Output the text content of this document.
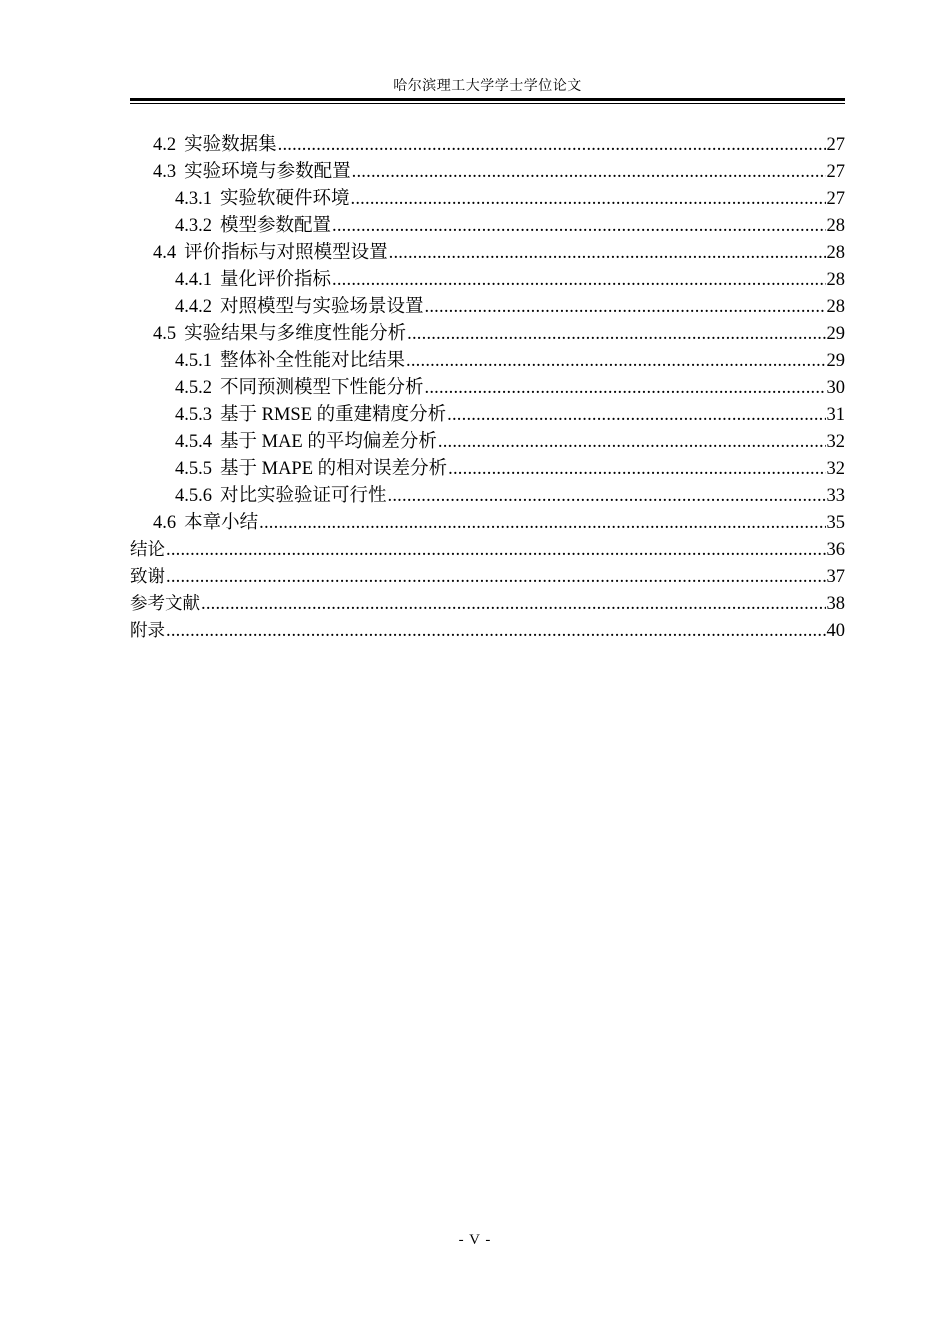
哈尔滨理工大学学士学位论文
4.2 实验数据集 .....	27
4.3 实验环境与参数配置 .....	27
4.3.1 实验软硬件环境 .....	27
4.3.2 模型参数配置 .....	28
4.4 评价指标与对照模型设置 .....	28
4.4.1 量化评价指标 .....	28
4.4.2 对照模型与实验场景设置 .....	28
4.5 实验结果与多维度性能分析 .....	29
4.5.1 整体补全性能对比结果 .....	29
4.5.2 不同预测模型下性能分析 .....	30
4.5.3 基于 RMSE 的重建精度分析 .....	31
4.5.4 基于 MAE 的平均偏差分析 .....	32
4.5.5 基于 MAPE 的相对误差分析 .....	32
4.5.6 对比实验验证可行性 .....	33
4.6 本章小结 .....	35
结论 .....	36
致谢 .....	37
参考文献 .....	38
附录 .....	40
- V -
